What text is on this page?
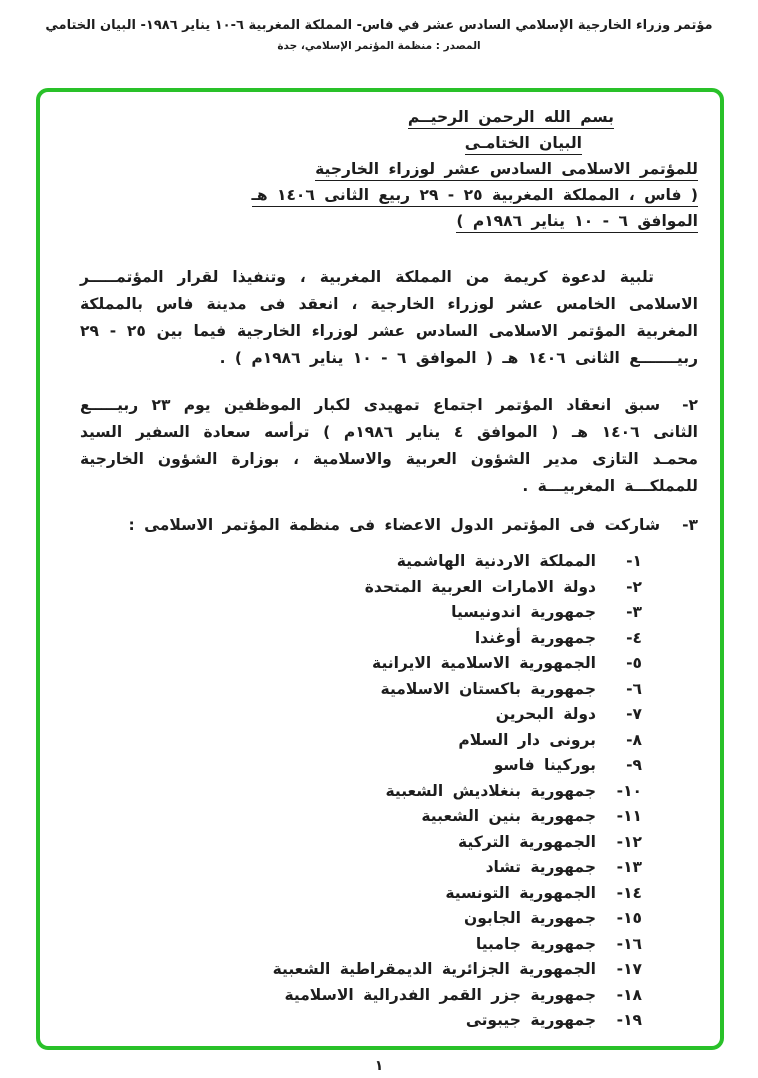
مؤتمر وزراء الخارجية الإسلامي السادس عشر في فاس- المملكة المغربية ٦-١٠ يناير ١٩٨٦- البيان الختامي
المصدر : منظمة المؤتمر الإسلامي، جدة
بسم الله الرحمن الرحيــم
البيان الختامـى
للمؤتمر الاسلامى السادس عشر لوزراء الخارجية
( فاس ، المملكة المغربية ٢٥ - ٢٩ ربيع الثانى ١٤٠٦ هـ
الموافق ٦ - ١٠ يناير ١٩٨٦م )

تلبية لدعوة كريمة من المملكة المغربية ، وتنفيذا لقرار المؤتمـــــر الاسلامى الخامس عشر لوزراء الخارجية ، انعقد فى مدينة فاس بالمملكة المغربية المؤتمر الاسلامى السادس عشر لوزراء الخارجية فيما بين ٢٥ - ٢٩ ربيـــــــع الثانى ١٤٠٦ هـ ( الموافق ٦ - ١٠ يناير ١٩٨٦م ) .

٢-سبق انعقاد المؤتمر اجتماع تمهيدى لكبار الموظفين يوم ٢٣ ربيـــــع الثانى ١٤٠٦ هـ ( الموافق ٤ يناير ١٩٨٦م ) ترأسه سعادة السفير السيد محمـد التازى مدير الشؤون العربية والاسلامية ، بوزارة الشؤون الخارجية للمملكـــة المغربيـــة .

٣-شاركت فى المؤتمر الدول الاعضاء فى منظمة المؤتمر الاسلامى :

١-
المملكة الاردنية الهاشمية
٢-
دولة الامارات العربية المتحدة
٣-
جمهورية اندونيسيا
٤-
جمهورية أوغندا
٥-
الجمهورية الاسلامية الايرانية
٦-
جمهورية باكستان الاسلامية
٧-
دولة البحرين
٨-
برونى دار السلام
٩-
بوركينا فاسو
١٠-
جمهورية بنغلاديش الشعبية
١١-
جمهورية بنين الشعبية
١٢-
الجمهورية التركية
١٣-
جمهورية تشاد
١٤-
الجمهورية التونسية
١٥-
جمهورية الجابون
١٦-
جمهورية جامبيا
١٧-
الجمهورية الجزائرية الديمقراطية الشعبية
١٨-
جمهورية جزر القمر الفدرالية الاسلامية
١٩-
جمهورية جيبوتى
١
